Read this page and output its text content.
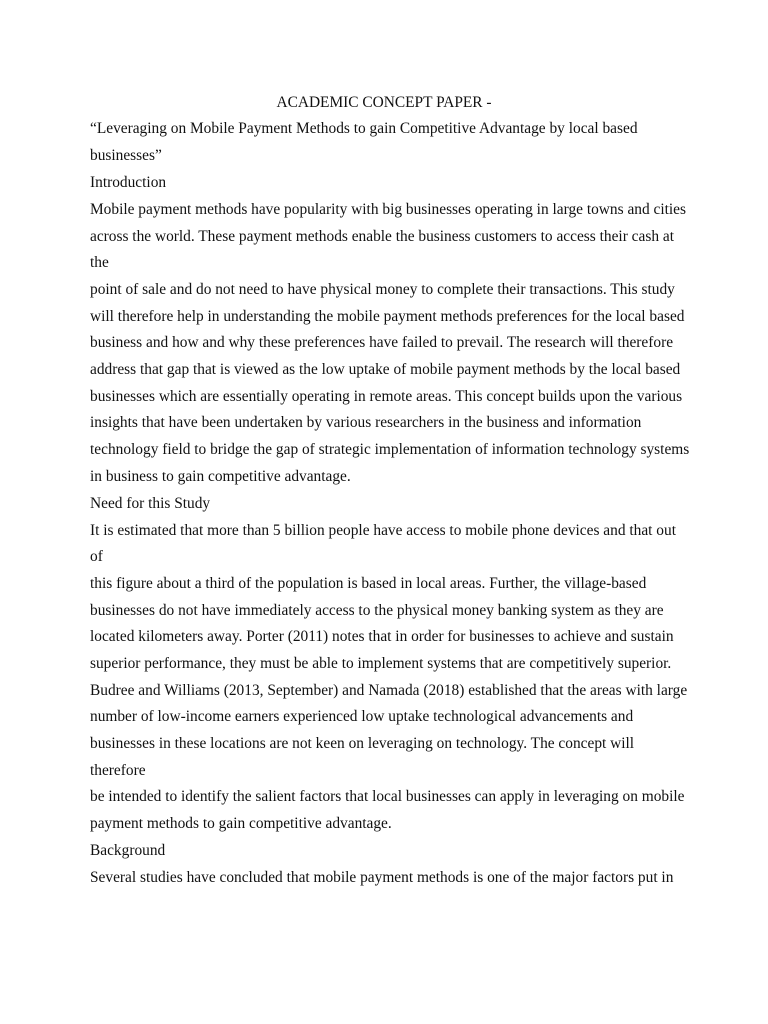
ACADEMIC CONCEPT PAPER -
“Leveraging on Mobile Payment Methods to gain Competitive Advantage by local based
businesses”
Introduction
Mobile payment methods have popularity with big businesses operating in large towns and cities
across the world. These payment methods enable the business customers to access their cash at
the
point of sale and do not need to have physical money to complete their transactions. This study
will therefore help in understanding the mobile payment methods preferences for the local based
business and how and why these preferences have failed to prevail. The research will therefore
address that gap that is viewed as the low uptake of mobile payment methods by the local based
businesses which are essentially operating in remote areas. This concept builds upon the various
insights that have been undertaken by various researchers in the business and information
technology field to bridge the gap of strategic implementation of information technology systems
in business to gain competitive advantage.
Need for this Study
It is estimated that more than 5 billion people have access to mobile phone devices and that out
of
this figure about a third of the population is based in local areas. Further, the village-based
businesses do not have immediately access to the physical money banking system as they are
located kilometers away. Porter (2011) notes that in order for businesses to achieve and sustain
superior performance, they must be able to implement systems that are competitively superior.
Budree and Williams (2013, September) and Namada (2018) established that the areas with large
number of low-income earners experienced low uptake technological advancements and
businesses in these locations are not keen on leveraging on technology. The concept will
therefore
be intended to identify the salient factors that local businesses can apply in leveraging on mobile
payment methods to gain competitive advantage.
Background
Several studies have concluded that mobile payment methods is one of the major factors put in
